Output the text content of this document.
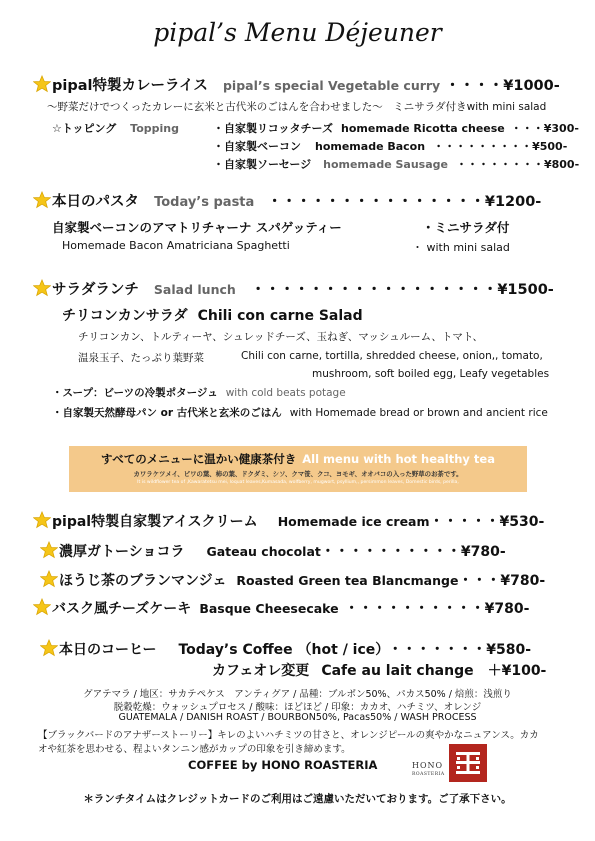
pipal’s Menu Déjeuner
pipal特製カレーライス pipal’s special Vegetable curry ・・・・¥1000-
～野菜だけでつくったカレーに玄米と古代米のごはんを合わせました～　ミニサラダ付きwith mini salad
☆トッピング Topping	・自家製リコッタチーズ homemade Ricotta cheese ・・・¥300-
・自家製ベーコン homemade Bacon ・・・・・・・・・¥500-
・自家製ソーセージ homemade Sausage ・・・・・・・・¥800-
本日のパスタ Today’s pasta ・・・・・・・・・・・・・・・¥1200-
自家製ベーコンのアマトリチャーナ スパゲッティー	・ミニサラダ付
Homemade Bacon Amatriciana Spaghetti	・ with mini salad
サラダランチ Salad lunch ・・・・・・・・・・・・・・・・・¥1500-
チリコンカンサラダ Chili con carne Salad
チリコンカン、トルティーヤ、シュレッドチーズ、玉ねぎ、マッシュルーム、トマト、
温泉玉子、たっぷり葉野菜	Chili con carne, tortilla, shredded cheese, onion,, tomato,
mushroom, soft boiled egg, Leafy vegetables
・スープ：ビーツの冷製ポタージュ with cold beats potage
・自家製天然酵母パン or 古代米と玄米のごはん with Homemade bread or brown and ancient rice
すべてのメニューに温かい健康茶付き All menu with hot healthy tea
カワラケツメイ、ビワの葉、柿の葉、ドクダミ、シソ、クマ笹、クコ、ヨモギ、オオバコの入った野草のお茶です。
It is wildflower tea of ,Kawaratetsu mei, loquat leaves,Kumasada, wolfberry, mugwort, psyllium,, persimmon leaves, Domestic birds, perilla,
pipal特製自家製アイスクリーム Homemade ice cream・・・・・¥530-
濃厚ガトーショコラ Gateau chocolat・・・・・・・・・・¥780-
ほうじ茶のブランマンジェ Roasted Green tea Blancmange・・・¥780-
バスク風チーズケーキ Basque Cheesecake ・・・・・・・・・・¥780-
本日のコーヒー Today’s Coffee （hot / ice） ・・・・・・・¥580-
カフェオレ変更 Cafe au lait change ＋¥100-
グアテマラ / 地区：サカテペケス　アンティグア / 品種：ブルボン50%、パカス50% / 焙煎：浅煎り
脱穀乾燥：ウォッシュプロセス / 酸味：ほどほど / 印象：カカオ、ハチミツ、オレンジ
GUATEMALA / DANISH ROAST / BOURBON50%, Pacas50% / WASH PROCESS
【ブラックバードのアナザーストーリー】キレのよいハチミツの甘さと、オレンジピールの爽やかなニュアンス。カカ
オや紅茶を思わせる、程よいタンニン感がカップの印象を引き締めます。
COFFEE by HONO ROASTERIA	HONO
ROASTERIA
＊ランチタイムはクレジットカードのご利用はご遠慮いただいております。ご了承下さい。
